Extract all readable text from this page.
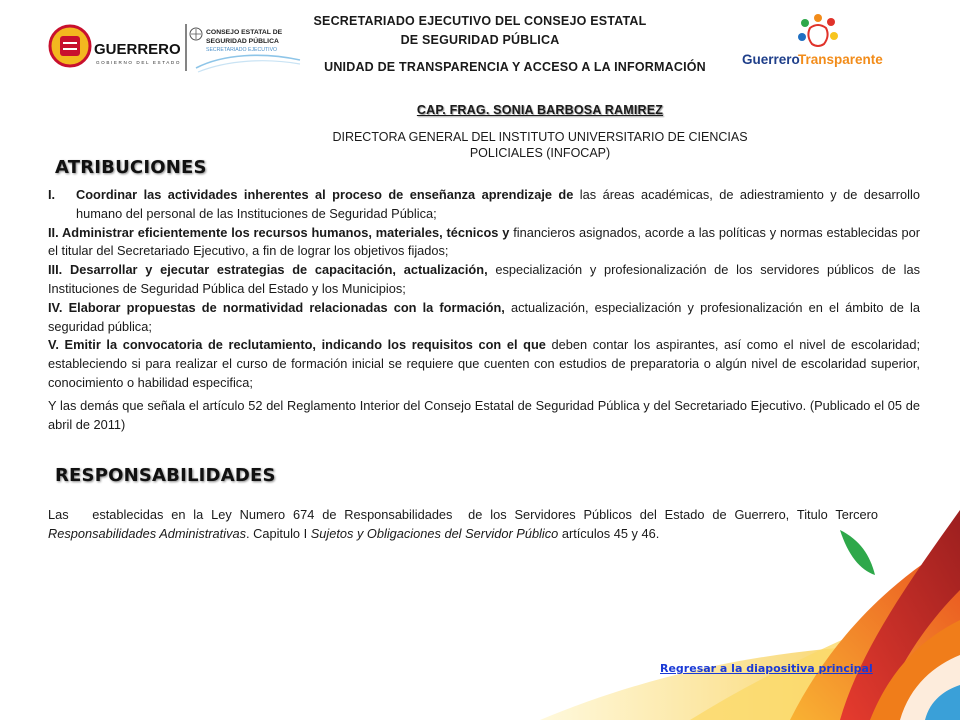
GUERRERO
GOBIERNO DEL ESTADO
CONSEJO ESTATAL DE
SEGURIDAD PÚBLICA
SECRETARIADO EJECUTIVO
Guerrero
Transparente
SECRETARIADO EJECUTIVO DEL CONSEJO ESTATAL
DE SEGURIDAD PÚBLICA
UNIDAD DE TRANSPARENCIA Y ACCESO A LA INFORMACIÓN
CAP. FRAG. SONIA BARBOSA RAMIREZ
DIRECTORA GENERAL DEL INSTITUTO UNIVERSITARIO DE CIENCIAS POLICIALES (INFOCAP)
ATRIBUCIONES
I.	Coordinar las actividades inherentes al proceso de enseñanza aprendizaje de las áreas académicas, de adiestramiento y de desarrollo humano del personal de las Instituciones de Seguridad Pública;

II. Administrar eficientemente los recursos humanos, materiales, técnicos y financieros asignados, acorde a las políticas y normas establecidas por el titular del Secretariado Ejecutivo, a fin de lograr los objetivos fijados;

III. Desarrollar y ejecutar estrategias de capacitación, actualización, especialización y profesionalización de los servidores públicos de las Instituciones de Seguridad Pública del Estado y los Municipios;

IV. Elaborar propuestas de normatividad relacionadas con la formación, actualización, especialización y profesionalización en el ámbito de la seguridad pública;

V. Emitir la convocatoria de reclutamiento, indicando los requisitos con el que deben contar los aspirantes, así como el nivel de escolaridad; estableciendo si para realizar el curso de formación inicial se requiere que cuenten con estudios de preparatoria o algún nivel de escolaridad superior, conocimiento o habilidad especifica;

Y las demás que señala el artículo 52 del Reglamento Interior del Consejo Estatal de Seguridad Pública y del Secretariado Ejecutivo. (Publicado el 05 de abril de 2011)
RESPONSABILIDADES
Las   establecidas en la Ley Numero 674 de Responsabilidades  de los Servidores Públicos del Estado de Guerrero, Titulo Tercero Responsabilidades Administrativas. Capitulo I Sujetos y Obligaciones del Servidor Público artículos 45 y 46.
Regresar a la diapositiva principal
